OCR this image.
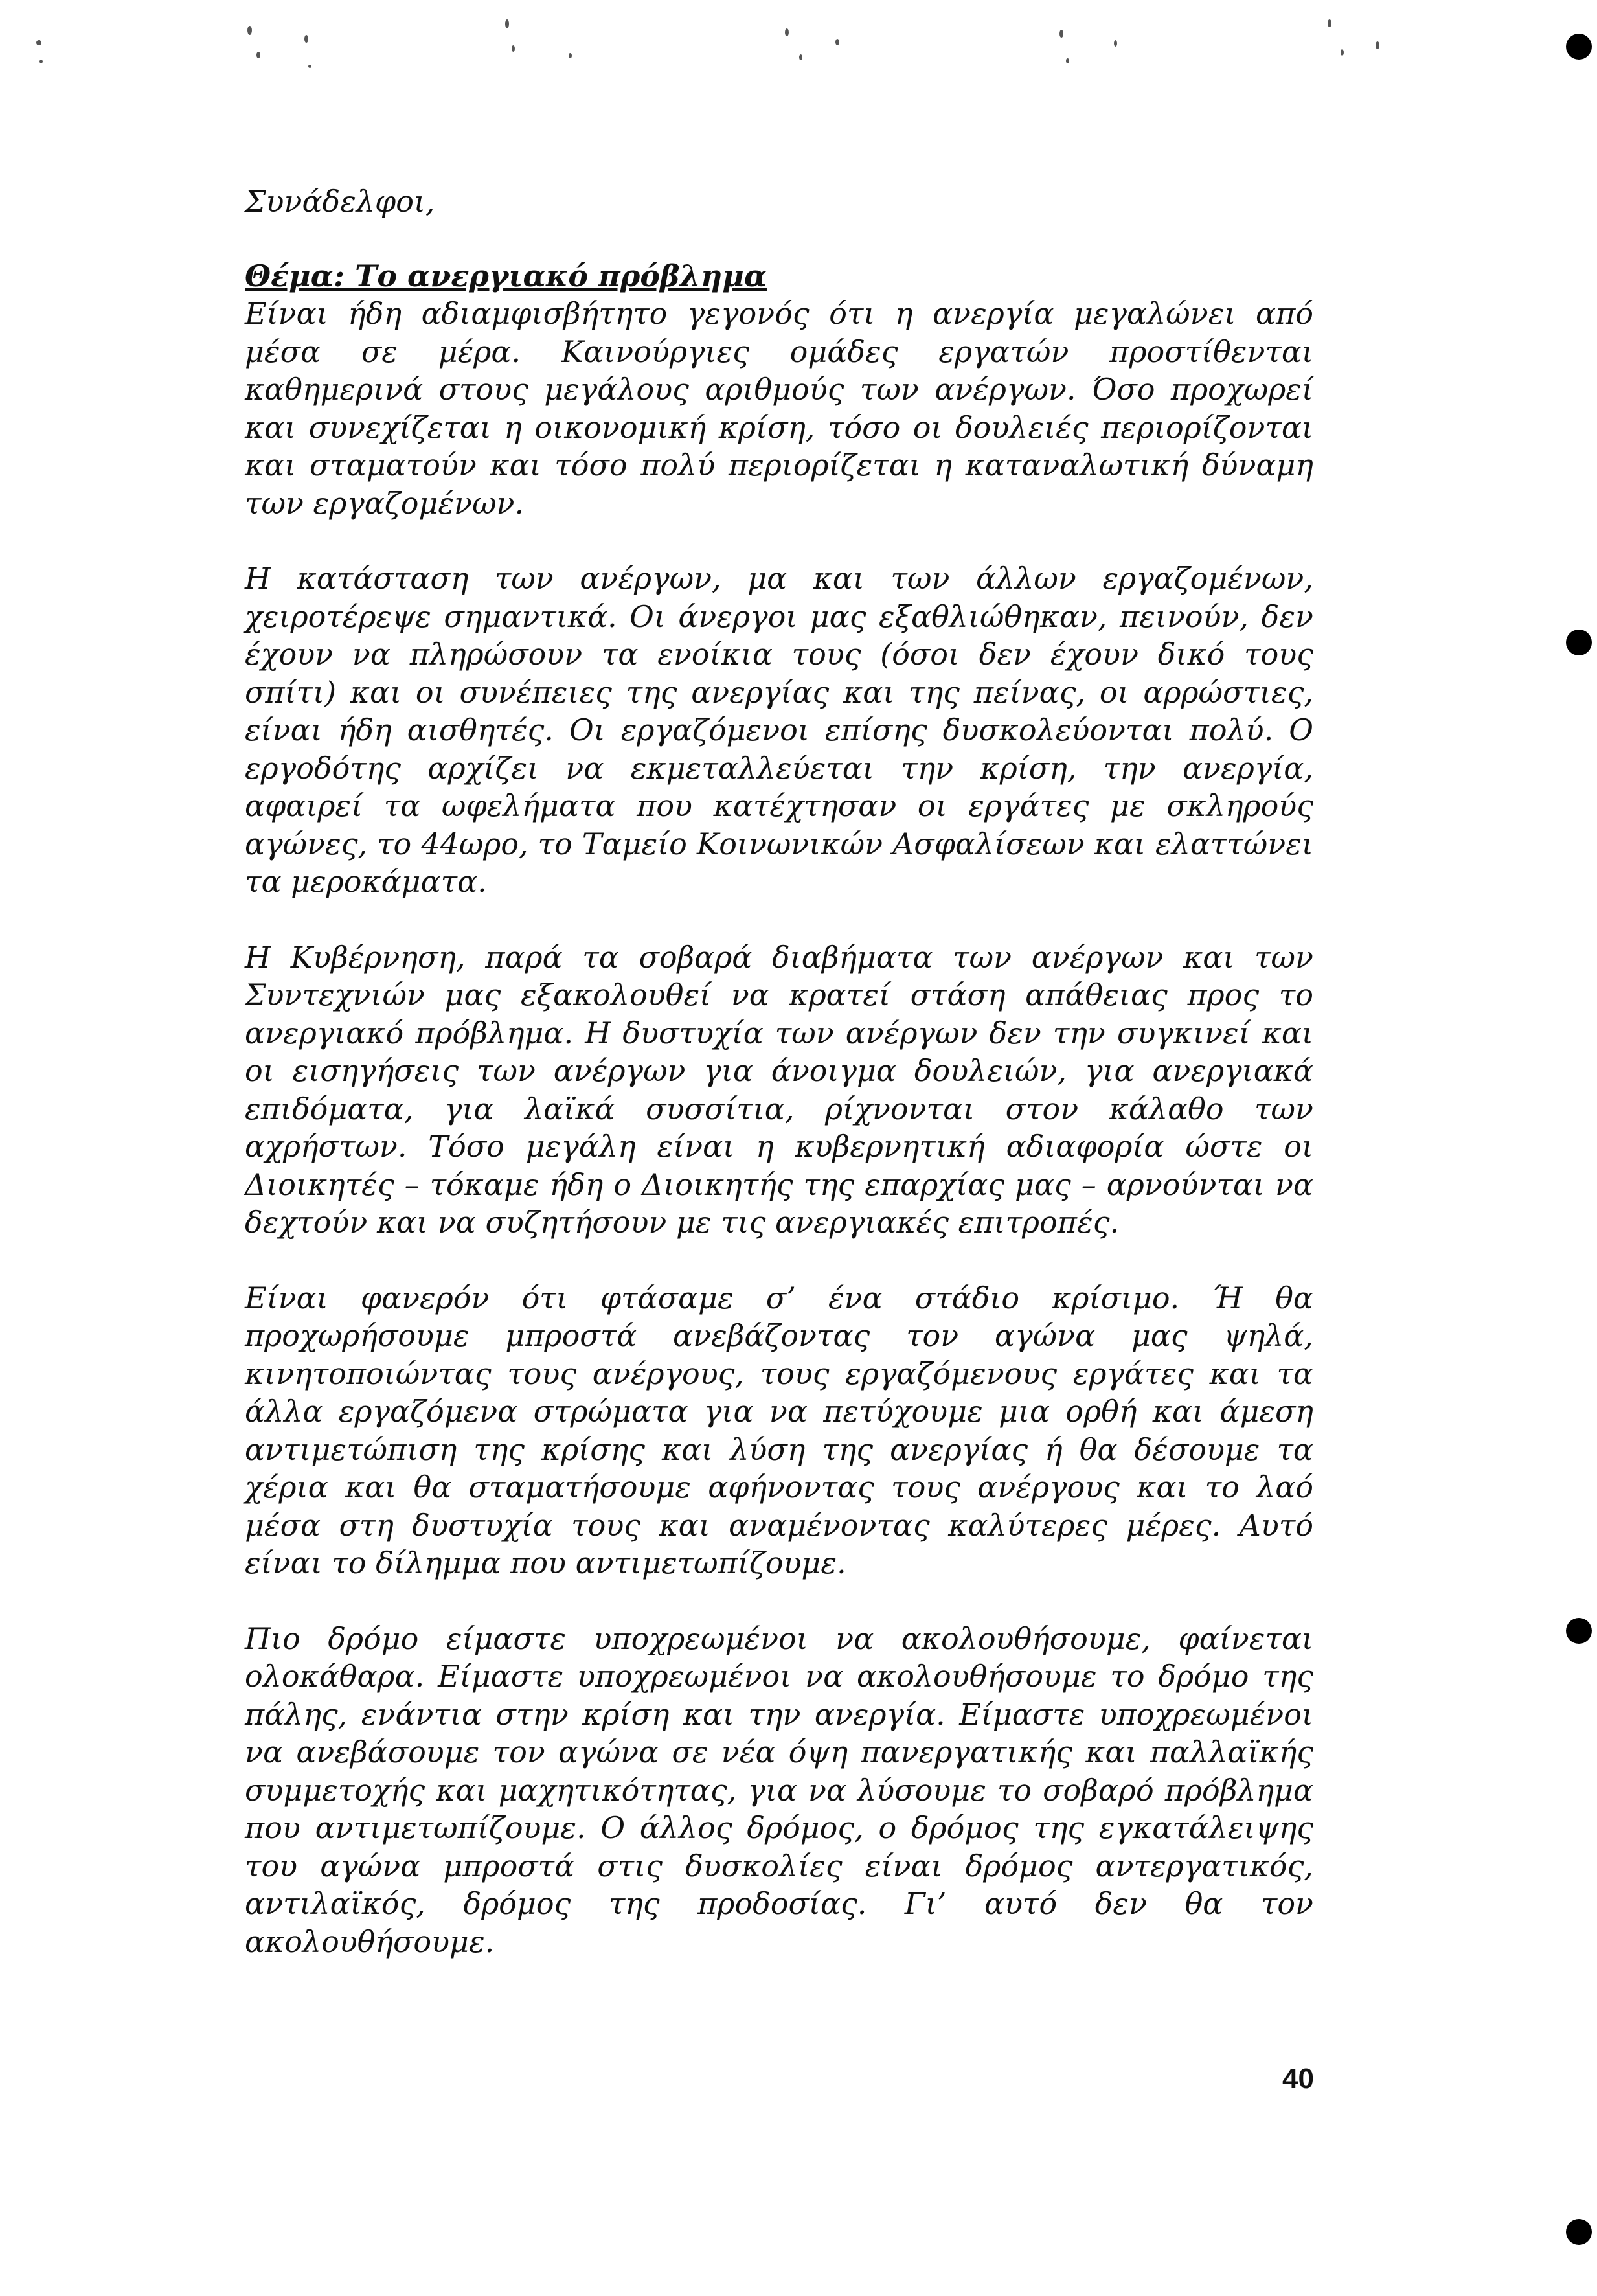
Συνάδελφοι,

Θέμα: Το ανεργιακό πρόβλημα

Είναι ήδη αδιαμφισβήτητο γεγονός ότι η ανεργία μεγαλώνει από μέσα σε μέρα. Καινούργιες ομάδες εργατών προστίθενται καθημερινά στους μεγάλους αριθμούς των ανέργων. Όσο προχωρεί και συνεχίζεται η οικονομική κρίση, τόσο οι δουλειές περιορίζονται και σταματούν και τόσο πολύ περιορίζεται η καταναλωτική δύναμη των εργαζομένων.

Η κατάσταση των ανέργων, μα και των άλλων εργαζομένων, χειροτέρεψε σημαντικά. Οι άνεργοι μας εξαθλιώθηκαν, πεινούν, δεν έχουν να πληρώσουν τα ενοίκια τους (όσοι δεν έχουν δικό τους σπίτι) και οι συνέπειες της ανεργίας και της πείνας, οι αρρώστιες, είναι ήδη αισθητές. Οι εργαζόμενοι επίσης δυσκολεύονται πολύ. Ο εργοδότης αρχίζει να εκμεταλλεύεται την κρίση, την ανεργία, αφαιρεί τα ωφελήματα που κατέχτησαν οι εργάτες με σκληρούς αγώνες, το 44ωρο, το Ταμείο Κοινωνικών Ασφαλίσεων και ελαττώνει τα μεροκάματα.

Η Κυβέρνηση, παρά τα σοβαρά διαβήματα των ανέργων και των Συντεχνιών μας εξακολουθεί να κρατεί στάση απάθειας προς το ανεργιακό πρόβλημα. Η δυστυχία των ανέργων δεν την συγκινεί και οι εισηγήσεις των ανέργων για άνοιγμα δουλειών, για ανεργιακά επιδόματα, για λαϊκά συσσίτια, ρίχνονται στον κάλαθο των αχρήστων. Τόσο μεγάλη είναι η κυβερνητική αδιαφορία ώστε οι Διοικητές – τόκαμε ήδη ο Διοικητής της επαρχίας μας – αρνούνται να δεχτούν και να συζητήσουν με τις ανεργιακές επιτροπές.

Είναι φανερόν ότι φτάσαμε σ’ ένα στάδιο κρίσιμο. Ή θα προχωρήσουμε μπροστά ανεβάζοντας τον αγώνα μας ψηλά, κινητοποιώντας τους ανέργους, τους εργαζόμενους εργάτες και τα άλλα εργαζόμενα στρώματα για να πετύχουμε μια ορθή και άμεση αντιμετώπιση της κρίσης και λύση της ανεργίας ή θα δέσουμε τα χέρια και θα σταματήσουμε αφήνοντας τους ανέργους και το λαό μέσα στη δυστυχία τους και αναμένοντας καλύτερες μέρες. Αυτό είναι το δίλημμα που αντιμετωπίζουμε.

Πιο δρόμο είμαστε υποχρεωμένοι να ακολουθήσουμε, φαίνεται ολοκάθαρα. Είμαστε υποχρεωμένοι να ακολουθήσουμε το δρόμο της πάλης, ενάντια στην κρίση και την ανεργία. Είμαστε υποχρεωμένοι να ανεβάσουμε τον αγώνα σε νέα όψη πανεργατικής και παλλαϊκής συμμετοχής και μαχητικότητας, για να λύσουμε το σοβαρό πρόβλημα που αντιμετωπίζουμε. Ο άλλος δρόμος, ο δρόμος της εγκατάλειψης του αγώνα μπροστά στις δυσκολίες είναι δρόμος αντεργατικός, αντιλαϊκός, δρόμος της προδοσίας. Γι’ αυτό δεν θα τον ακολουθήσουμε.

40
